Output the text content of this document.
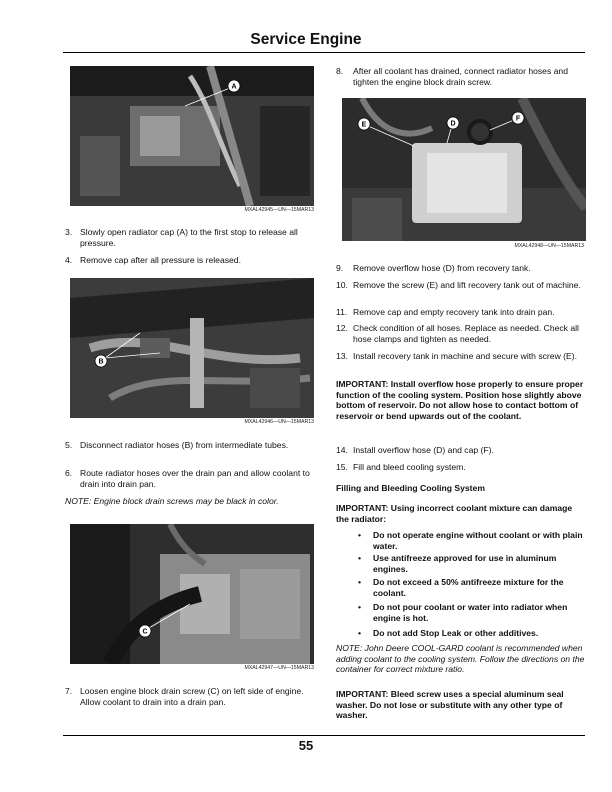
Service Engine
A
MXAL42945—UN—15MAR13
3. Slowly open radiator cap (A) to the first stop to release all pressure.
4. Remove cap after all pressure is released.
B
MXAL42946—UN—15MAR13
5. Disconnect radiator hoses (B) from intermediate tubes.
6. Route radiator hoses over the drain pan and allow coolant to drain into drain pan.
NOTE: Engine block drain screws may be black in color.
C
MXAL42947—UN—15MAR13
7. Loosen engine block drain screw (C) on left side of engine. Allow coolant to drain into a drain pan.
8. After all coolant has drained, connect radiator hoses and tighten the engine block drain screw.
E	D
F
MXAL42948—UN—15MAR13
9. Remove overflow hose (D) from recovery tank.
10. Remove the screw (E) and lift recovery tank out of machine.
11. Remove cap and empty recovery tank into drain pan.
12. Check condition of all hoses. Replace as needed. Check all hose clamps and tighten as needed.
13. Install recovery tank in machine and secure with screw (E).
IMPORTANT: Install overflow hose properly to ensure proper function of the cooling system. Position hose slightly above bottom of reservoir. Do not allow hose to contact bottom of reservoir or bend upwards out of the coolant.
14. Install overflow hose (D) and cap (F).
15. Fill and bleed cooling system.
Filling and Bleeding Cooling System
IMPORTANT: Using incorrect coolant mixture can damage the radiator:
• Do not operate engine without coolant or with plain water.
• Use antifreeze approved for use in aluminum engines.
• Do not exceed a 50% antifreeze mixture for the coolant.
• Do not pour coolant or water into radiator when engine is hot.
• Do not add Stop Leak or other additives.
NOTE: John Deere COOL-GARD coolant is recommended when adding coolant to the cooling system. Follow the directions on the container for correct mixture ratio.
IMPORTANT: Bleed screw uses a special aluminum seal washer. Do not lose or substitute with any other type of washer.
55
